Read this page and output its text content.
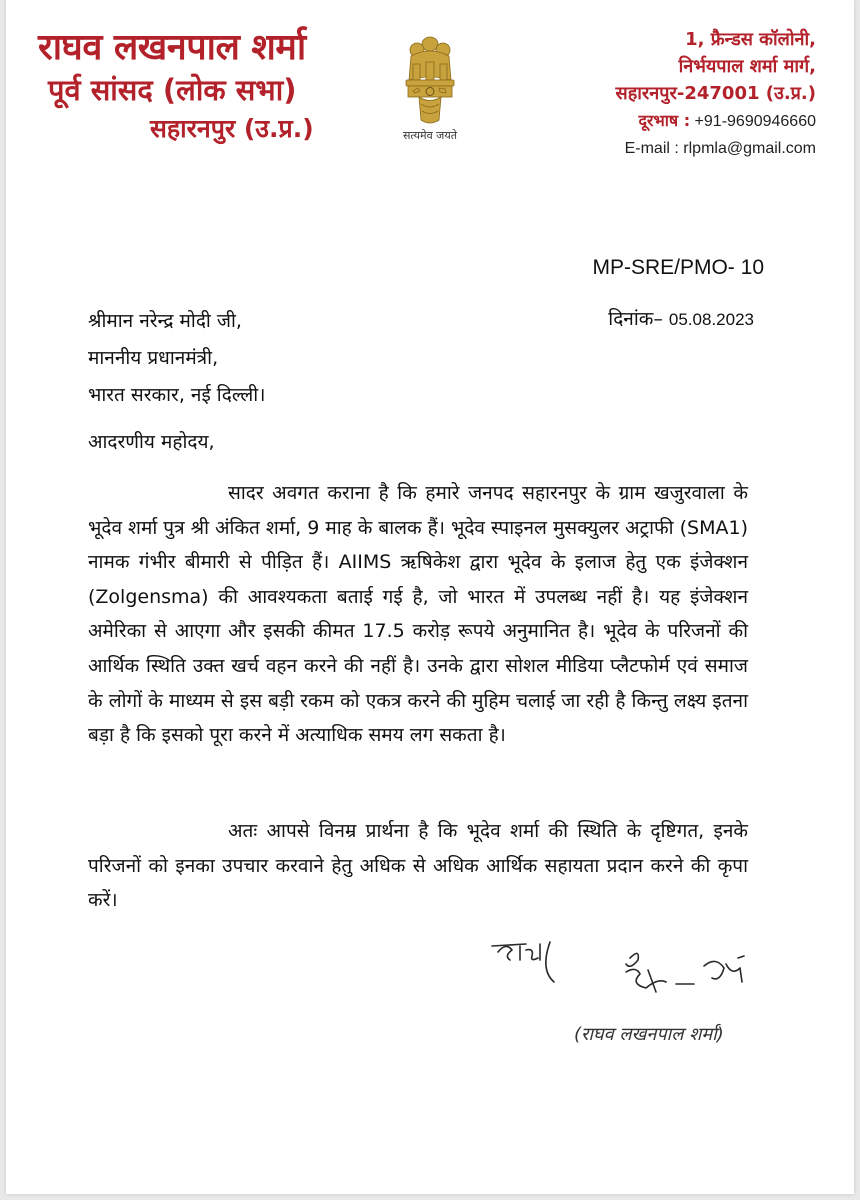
राघव लखनपाल शर्मा
पूर्व सांसद (लोक सभा)
सहारनपुर (उ.प्र.)	सत्यमेव जयते
1, फ्रैन्डस कॉलोनी,
निर्भयपाल शर्मा मार्ग,
सहारनपुर-247001 (उ.प्र.)
दूरभाष : +91-9690946660
E-mail : rlpmla@gmail.com
MP-SRE/PMO- 10
दिनांक– 05.08.2023
श्रीमान नरेन्द्र मोदी जी,
माननीय प्रधानमंत्री,
भारत सरकार, नई दिल्ली।
आदरणीय महोदय,

सादर अवगत कराना है कि हमारे जनपद सहारनपुर के ग्राम खजुरवाला के भूदेव शर्मा पुत्र श्री अंकित शर्मा, 9 माह के बालक हैं। भूदेव स्पाइनल मुसक्युलर अट्राफी (SMA1) नामक गंभीर बीमारी से पीड़ित हैं। AIIMS ऋषिकेश द्वारा भूदेव के इलाज हेतु एक इंजेक्शन (Zolgensma) की आवश्यकता बताई गई है, जो भारत में उपलब्ध नहीं है। यह इंजेक्शन अमेरिका से आएगा और इसकी कीमत 17.5 करोड़ रूपये अनुमानित है। भूदेव के परिजनों की आर्थिक स्थिति उक्त खर्च वहन करने की नहीं है। उनके द्वारा सोशल मीडिया प्लैटफोर्म एवं समाज के लोगों के माध्यम से इस बड़ी रकम को एकत्र करने की मुहिम चलाई जा रही है किन्तु लक्ष्य इतना बड़ा है कि इसको पूरा करने में अत्याधिक समय लग सकता है।

अतः आपसे विनम्र प्रार्थना है कि भूदेव शर्मा की स्थिति के दृष्टिगत, इनके परिजनों को इनका उपचार करवाने हेतु अधिक से अधिक आर्थिक सहायता प्रदान करने की कृपा करें।

(राघव लखनपाल शर्मा)
